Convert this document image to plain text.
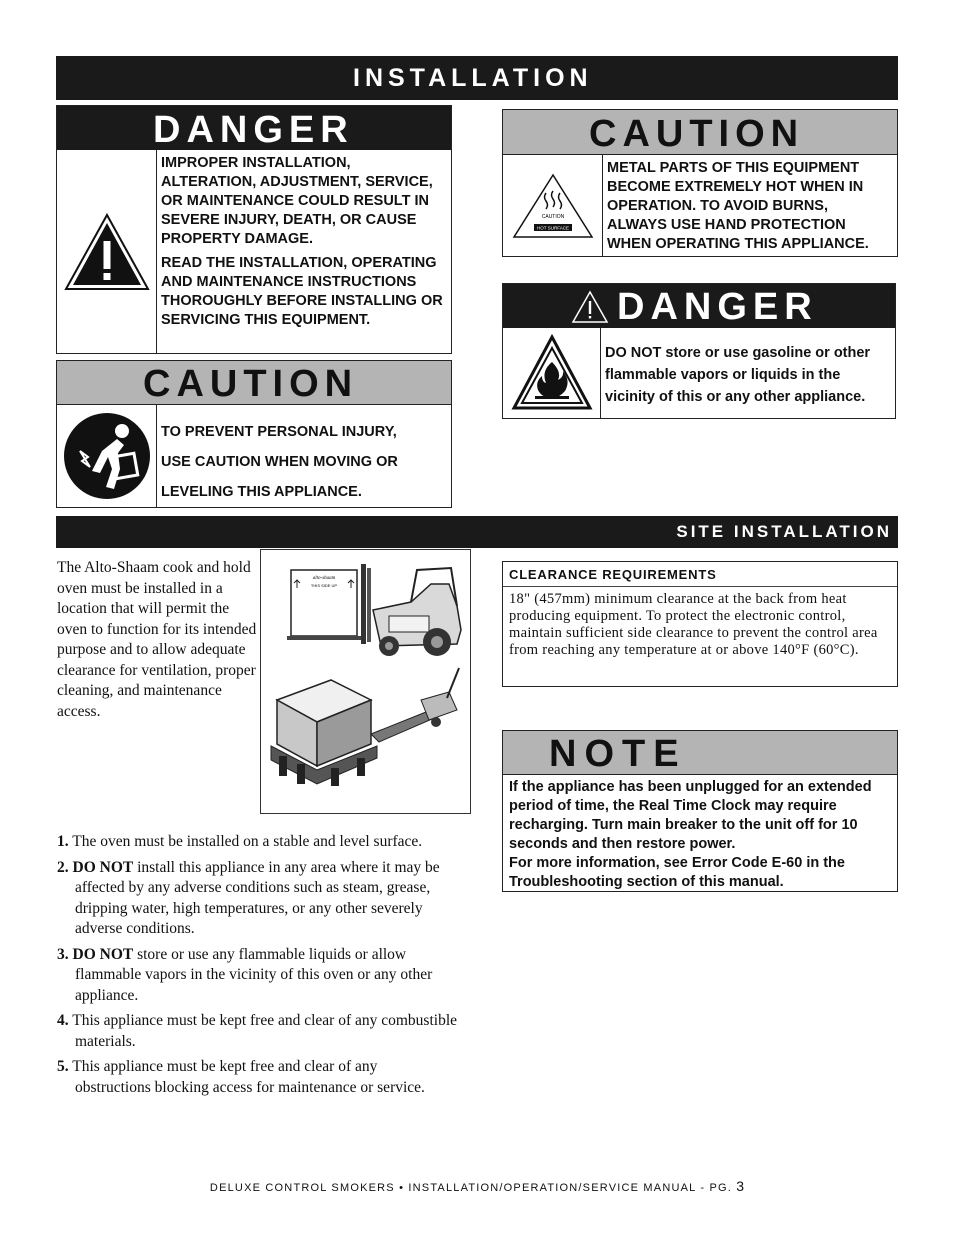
INSTALLATION
DANGER

IMPROPER INSTALLATION, ALTERATION, ADJUSTMENT, SERVICE, OR MAINTENANCE COULD RESULT IN SEVERE INJURY, DEATH, OR CAUSE PROPERTY DAMAGE.

READ THE INSTALLATION, OPERATING AND MAINTENANCE INSTRUCTIONS THOROUGHLY BEFORE INSTALLING OR SERVICING THIS EQUIPMENT.

CAUTION
TO PREVENT PERSONAL INJURY,
USE CAUTION WHEN MOVING OR
LEVELING THIS APPLIANCE.
CAUTION
CAUTION
HOT SURFACE

METAL PARTS OF THIS EQUIPMENT BECOME EXTREMELY HOT WHEN IN OPERATION. TO AVOID BURNS, ALWAYS USE HAND PROTECTION WHEN OPERATING THIS APPLIANCE.

DANGER

DO NOT store or use gasoline or other flammable vapors or liquids in the vicinity of this or any other appliance.

SITE INSTALLATION
The Alto-Shaam cook and hold oven must be installed in a location that will permit the oven to function for its intended purpose and to allow adequate clearance for ventilation, proper cleaning, and maintenance access.
alto-shaam
THIS SIDE UP
1. The oven must be installed on a stable and level surface.
2. DO NOT install this appliance in any area where it may be affected by any adverse conditions such as steam, grease, dripping water, high temperatures, or any other severely adverse conditions.
3. DO NOT store or use any flammable liquids or allow flammable vapors in the vicinity of this oven or any other appliance.
4. This appliance must be kept free and clear of any combustible materials.
5. This appliance must be kept free and clear of any obstructions blocking access for maintenance or service.
CLEARANCE REQUIREMENTS
18" (457mm) minimum clearance at the back from heat producing equipment. To protect the electronic control, maintain sufficient side clearance to prevent the control area from reaching any temperature at or above 140°F (60°C).
NOTE
If the appliance has been unplugged for an extended period of time, the Real Time Clock may require recharging. Turn main breaker to the unit off for 10 seconds and then restore power.
For more information, see Error Code E-60 in the Troubleshooting section of this manual.
DELUXE CONTROL SMOKERS • INSTALLATION/OPERATION/SERVICE MANUAL - PG. 3
